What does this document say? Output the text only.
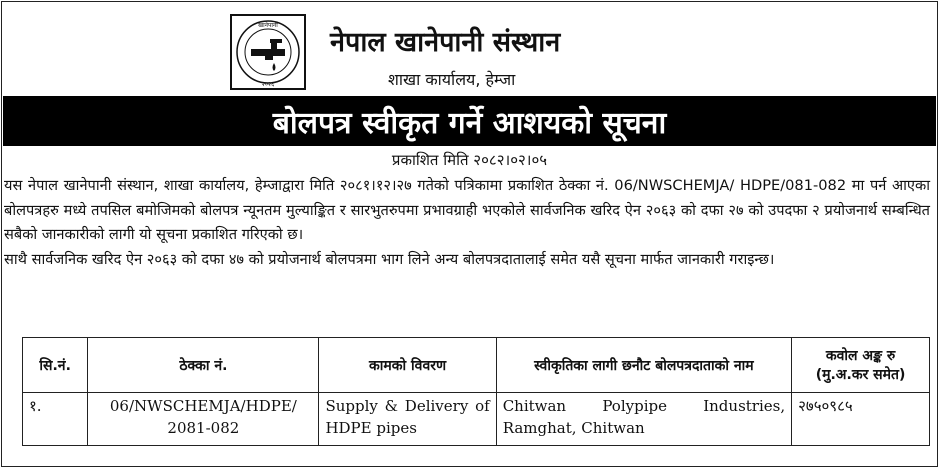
खानेपानी
२०२६
नेपाल खानेपानी संस्थान
शाखा कार्यालय, हेम्जा
बोलपत्र स्वीकृत गर्ने आशयको सूचना
प्रकाशित मिति २०८२।०२।०५

यस नेपाल खानेपानी संस्थान, शाखा कार्यालय, हेम्जाद्वारा मिति २०८१।१२।२७ गतेको पत्रिकामा प्रकाशित ठेक्का नं. 06/NWSCHEMJA/ HDPE/081-082 मा पर्न आएका बोलपत्रहरु मध्ये तपसिल बमोजिमको बोलपत्र न्यूनतम मुल्याङ्कित र सारभुतरुपमा प्रभावग्राही भएकोले सार्वजनिक खरिद ऐन २०६३ को दफा २७ को उपदफा २ प्रयोजनार्थ सम्बन्धित सबैको जानकारीको लागी यो सूचना प्रकाशित गरिएको छ।

साथै सार्वजनिक खरिद ऐन २०६३ को दफा ४७ को प्रयोजनार्थ बोलपत्रमा भाग लिने अन्य बोलपत्रदातालाई समेत यसै सूचना मार्फत जानकारी गराइन्छ।

सि.नं.	ठेक्का नं.	कामको विवरण	स्वीकृतिका लागी छनौट बोलपत्रदाताको नाम	कवोल अङ्क रु
(मु.अ.कर समेत)

१.	06/NWSCHEMJA/HDPE/ 2081-082	Supply & Delivery of HDPE pipes	Chitwan Polypipe Industries, Ramghat, Chitwan	२७५०९८५
